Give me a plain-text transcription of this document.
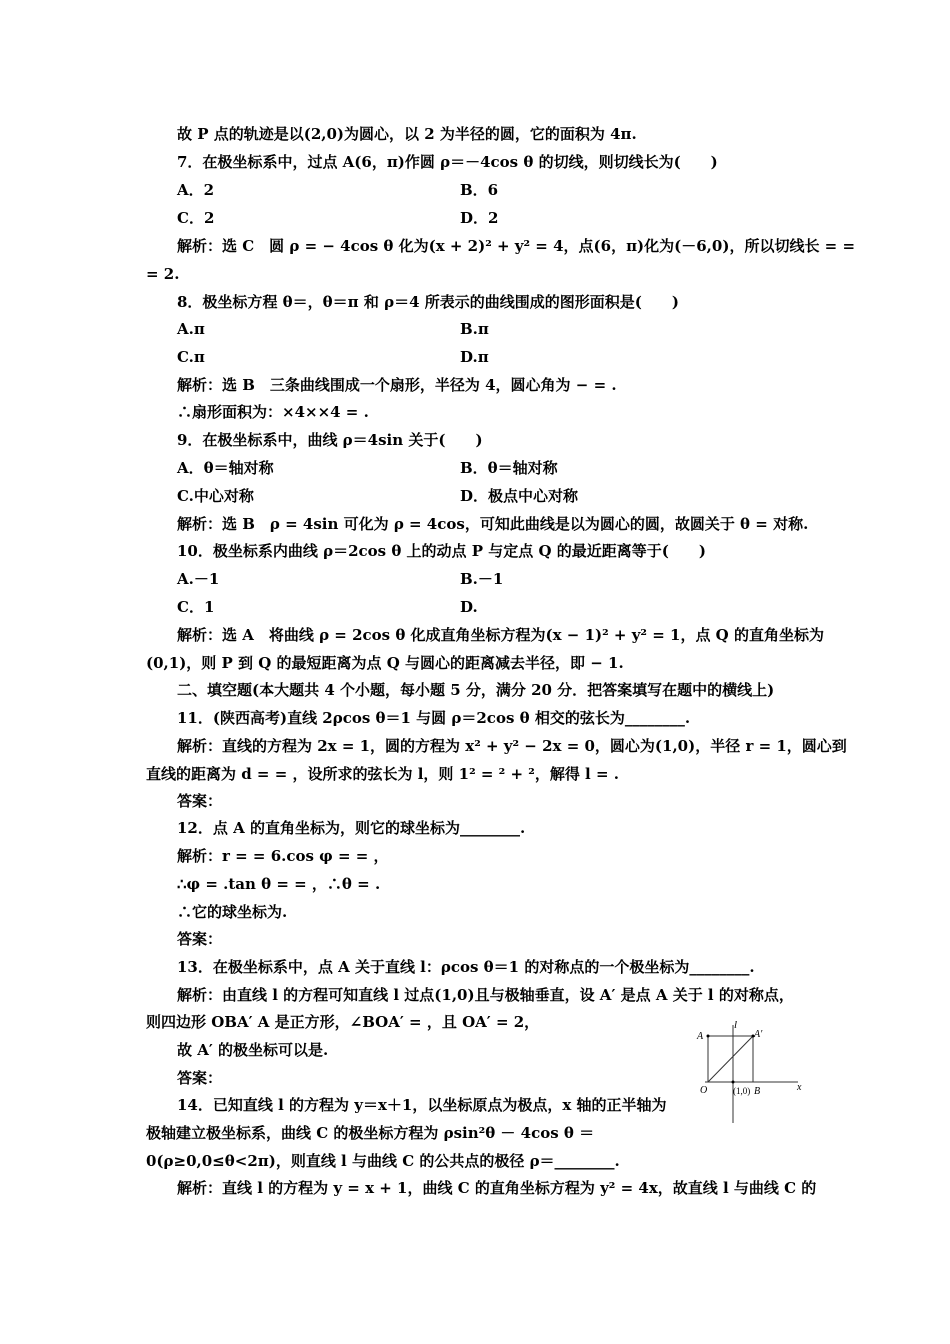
故 P 点的轨迹是以(2,0)为圆心，以 2 为半径的圆，它的面积为 4π.
7．在极坐标系中，过点 A(6，π)作圆 ρ＝－4cos θ 的切线，则切线长为(　　)
A．2	B．6
C．2	D．2
解析：选 C　圆 ρ = − 4cos θ 化为(x + 2)² + y² = 4，点(6，π)化为(－6,0)，所以切线长 = =
= 2.
8．极坐标方程 θ＝，θ＝π 和 ρ＝4 所表示的曲线围成的图形面积是(　　)
A.π	B.π
C.π	D.π
解析：选 B　三条曲线围成一个扇形，半径为 4，圆心角为 − = .
∴扇形面积为：×4××4 = .
9．在极坐标系中，曲线 ρ＝4sin 关于(　　)
A．θ＝轴对称	B．θ＝轴对称
C.中心对称	D．极点中心对称
解析：选 B　ρ = 4sin 可化为 ρ = 4cos，可知此曲线是以为圆心的圆，故圆关于 θ = 对称.
10．极坐标系内曲线 ρ＝2cos θ 上的动点 P 与定点 Q 的最近距离等于(　　)
A.－1	B.－1
C．1	D.
解析：选 A　将曲线 ρ = 2cos θ 化成直角坐标方程为(x − 1)² + y² = 1，点 Q 的直角坐标为
(0,1)，则 P 到 Q 的最短距离为点 Q 与圆心的距离减去半径，即 − 1.
二、填空题(本大题共 4 个小题，每小题 5 分，满分 20 分．把答案填写在题中的横线上)
11．(陕西高考)直线 2ρcos θ＝1 与圆 ρ＝2cos θ 相交的弦长为________.
解析：直线的方程为 2x = 1，圆的方程为 x² + y² − 2x = 0，圆心为(1,0)，半径 r = 1，圆心到
直线的距离为 d = = ，设所求的弦长为 l，则 1² = ² + ²，解得 l = .
答案：
12．点 A 的直角坐标为，则它的球坐标为________.
解析：r = = 6.cos φ = = ，
∴φ = .tan θ = = ，∴θ = .
∴它的球坐标为.
答案：
13．在极坐标系中，点 A 关于直线 l：ρcos θ＝1 的对称点的一个极坐标为________.
解析：由直线 l 的方程可知直线 l 过点(1,0)且与极轴垂直，设 A′ 是点 A 关于 l 的对称点，
则四边形 OBA′ A 是正方形，∠BOA′ = ，且 OA′ = 2，
故 A′ 的极坐标可以是.
答案：
14．已知直线 l 的方程为 y＝x＋1，以坐标原点为极点，x 轴的正半轴为
极轴建立极坐标系，曲线 C 的极坐标方程为 ρsin²θ － 4cos θ ＝
0(ρ≥0,0≤θ<2π)，则直线 l 与曲线 C 的公共点的极径 ρ＝________.
解析：直线 l 的方程为 y = x + 1，曲线 C 的直角坐标方程为 y² = 4x，故直线 l 与曲线 C 的
l
A	A′
O	(1,0) B	x
